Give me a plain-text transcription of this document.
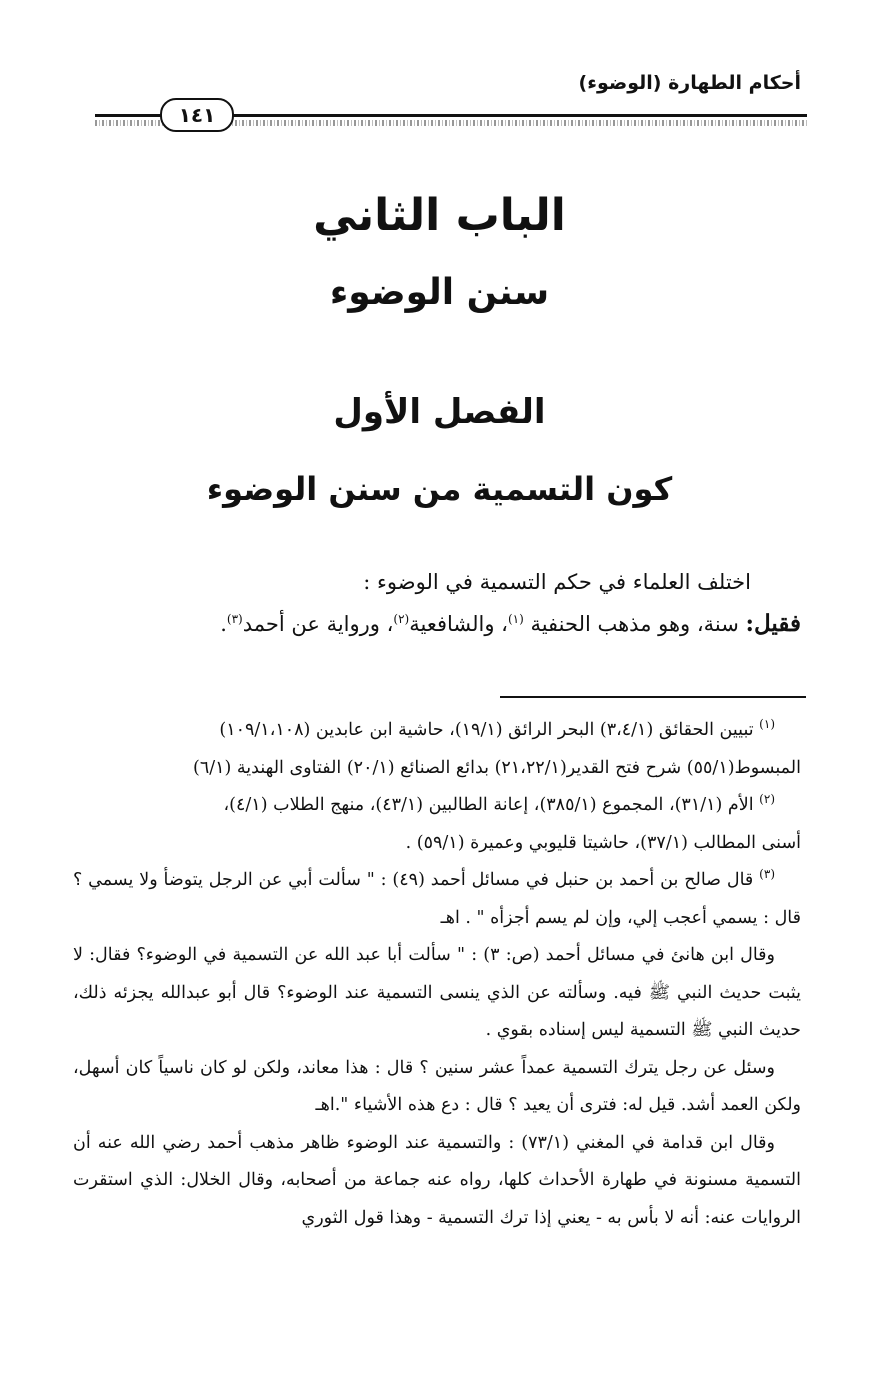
أحكام الطهارة (الوضوء)
١٤١
الباب الثاني
سنن الوضوء
الفصل الأول
كون التسمية من سنن الوضوء
اختلف العلماء في حكم التسمية في الوضوء :
فقيل: سنة، وهو مذهب الحنفية $^{(١)}$، والشافعية$^{(٢)}$، ورواية عن أحمد$^{(٣)}$.

$^{(١)}$ تبيين الحقائق (٣،٤/١) البحر الرائق (١٩/١)، حاشية ابن عابدين (١٠٩/١،١٠٨)

المبسوط(٥٥/١) شرح فتح القدير(٢١،٢٢/١) بدائع الصنائع (٢٠/١) الفتاوى الهندية (٦/١)

$^{(٢)}$ الأم (٣١/١)، المجموع (٣٨٥/١)، إعانة الطالبين (٤٣/١)، منهج الطلاب (٤/١)،

أسنى المطالب (٣٧/١)، حاشيتا قليوبي وعميرة (٥٩/١) .

$^{(٣)}$ قال صالح بن أحمد بن حنبل في مسائل أحمد (٤٩) : " سألت أبي عن الرجل يتوضأ ولا يسمي ؟ قال : يسمي أعجب إلي، وإن لم يسم أجزأه " . اهـ

وقال ابن هانئ في مسائل أحمد (ص: ٣) : " سألت أبا عبد الله عن التسمية في الوضوء؟ فقال: لا يثبت حديث النبي ﷺ فيه. وسألته عن الذي ينسى التسمية عند الوضوء؟ قال أبو عبدالله يجزئه ذلك، حديث النبي ﷺ التسمية ليس إسناده بقوي .

وسئل عن رجل يترك التسمية عمداً عشر سنين ؟ قال : هذا معاند، ولكن لو كان ناسياً كان أسهل، ولكن العمد أشد. قيل له: فترى أن يعيد ؟ قال : دع هذه الأشياء ".اهـ

وقال ابن قدامة في المغني (٧٣/١) : والتسمية عند الوضوء ظاهر مذهب أحمد رضي الله عنه أن التسمية مسنونة في طهارة الأحداث كلها، رواه عنه جماعة من أصحابه، وقال الخلال: الذي استقرت الروايات عنه: أنه لا بأس به - يعني إذا ترك التسمية - وهذا قول الثوري
